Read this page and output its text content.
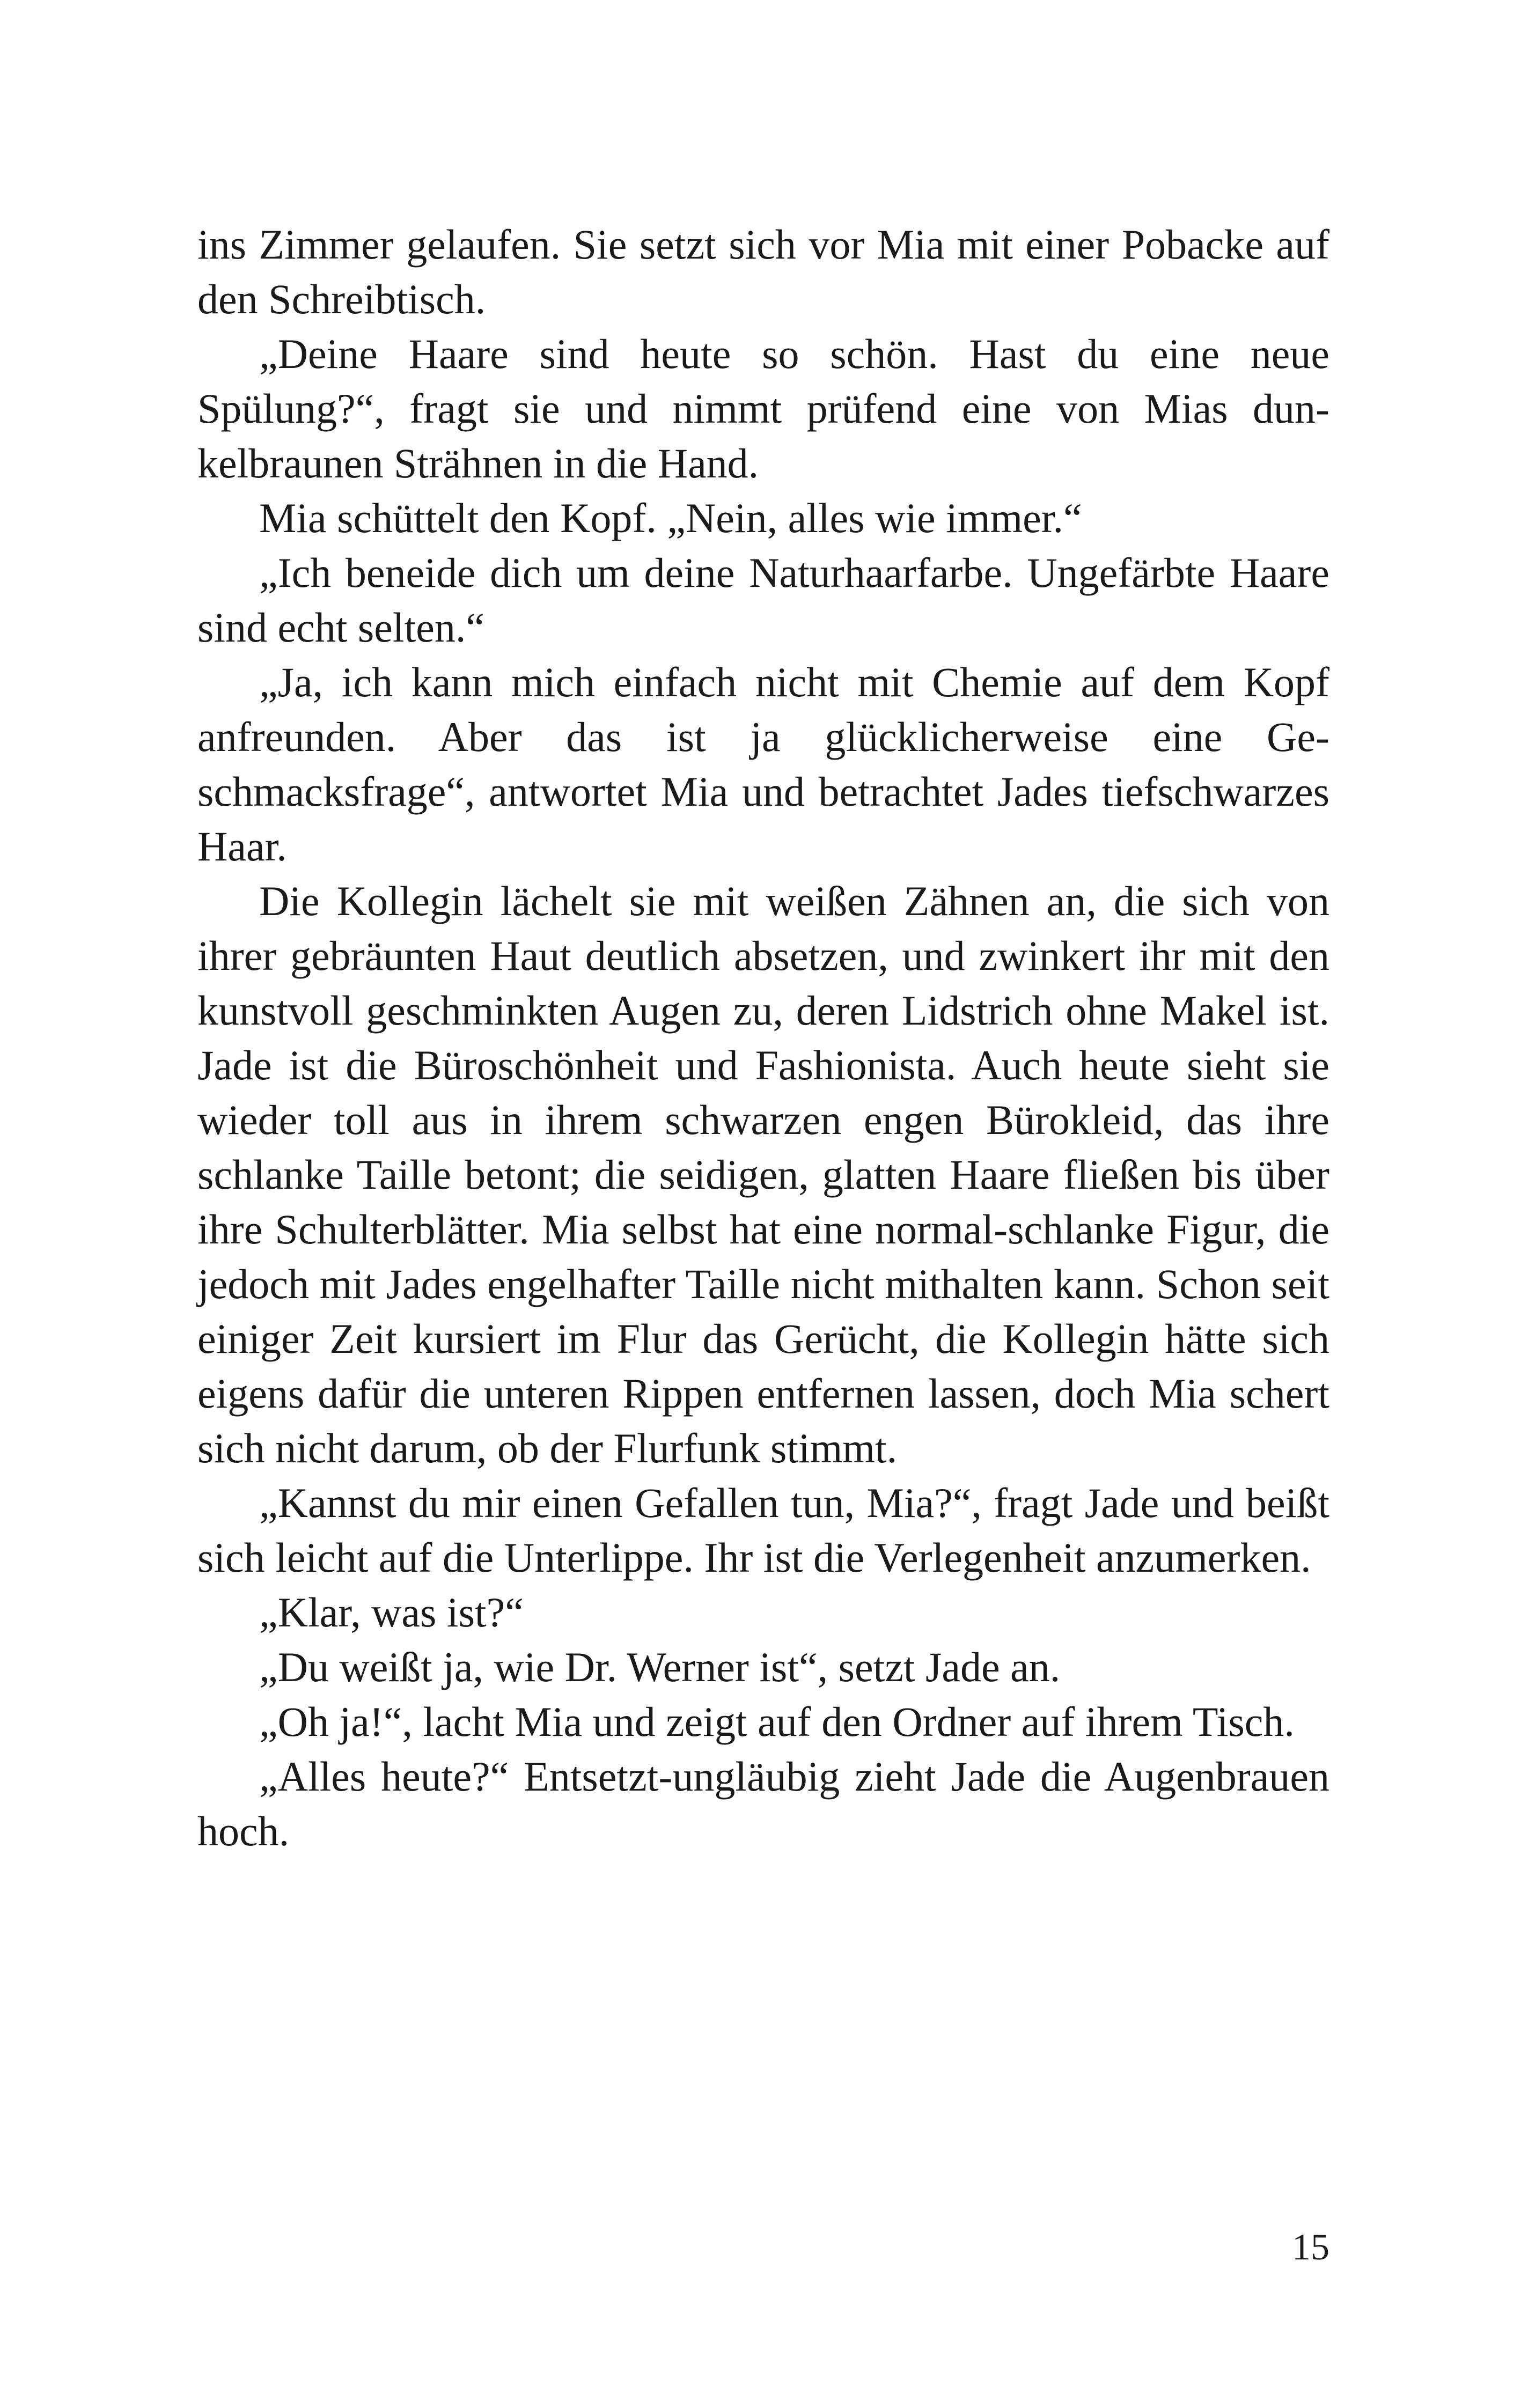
ins Zimmer gelaufen. Sie setzt sich vor Mia mit einer Pobacke auf den Schreibtisch.

„Deine Haare sind heute so schön. Hast du eine neue Spülung?“, fragt sie und nimmt prüfend eine von Mias dunkelbraunen Strähnen in die Hand.

Mia schüttelt den Kopf. „Nein, alles wie immer.“

„Ich beneide dich um deine Naturhaarfarbe. Ungefärbte Haare sind echt selten.“

„Ja, ich kann mich einfach nicht mit Chemie auf dem Kopf anfreunden. Aber das ist ja glücklicherweise eine Geschmacksfrage“, antwortet Mia und betrachtet Jades tiefschwarzes Haar.

Die Kollegin lächelt sie mit weißen Zähnen an, die sich von ihrer gebräunten Haut deutlich absetzen, und zwinkert ihr mit den kunstvoll geschminkten Augen zu, deren Lidstrich ohne Makel ist. Jade ist die Büroschönheit und Fashionista. Auch heute sieht sie wieder toll aus in ihrem schwarzen engen Bürokleid, das ihre schlanke Taille betont; die seidigen, glatten Haare fließen bis über ihre Schulterblätter. Mia selbst hat eine normal-schlanke Figur, die jedoch mit Jades engelhafter Taille nicht mithalten kann. Schon seit einiger Zeit kursiert im Flur das Gerücht, die Kollegin hätte sich eigens dafür die unteren Rippen entfernen lassen, doch Mia schert sich nicht darum, ob der Flurfunk stimmt.

„Kannst du mir einen Gefallen tun, Mia?“, fragt Jade und beißt sich leicht auf die Unterlippe. Ihr ist die Verlegenheit anzumerken.

„Klar, was ist?“

„Du weißt ja, wie Dr. Werner ist“, setzt Jade an.

„Oh ja!“, lacht Mia und zeigt auf den Ordner auf ihrem Tisch.

„Alles heute?“ Entsetzt-ungläubig zieht Jade die Augenbrauen hoch.

15
